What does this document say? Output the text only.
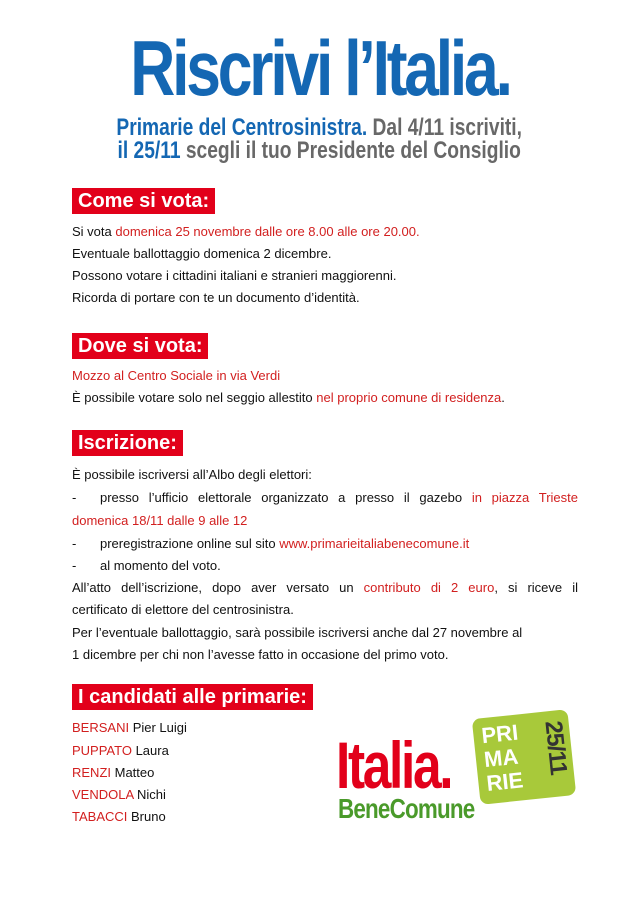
Riscrivi l’Italia.
Primarie del Centrosinistra. Dal 4/11 iscriviti,
il 25/11 scegli il tuo Presidente del Consiglio
Come si vota:
Si vota domenica 25 novembre dalle ore 8.00 alle ore 20.00.
Eventuale ballottaggio domenica 2 dicembre.
Possono votare i cittadini italiani e stranieri maggiorenni.
Ricorda di portare con te un documento d’identità.
Dove si vota:
Mozzo al Centro Sociale in via Verdi
È possibile votare solo nel seggio allestito nel proprio comune di residenza.
Iscrizione:
È possibile iscriversi all’Albo degli elettori:
- presso l’ufficio elettorale organizzato a presso il gazebo in piazza Trieste
domenica 18/11 dalle 9 alle 12
- preregistrazione online sul sito www.primarieitaliabenecomune.it
- al momento del voto.
All’atto dell’iscrizione, dopo aver versato un contributo di 2 euro, si riceve il
certificato di elettore del centrosinistra.
Per l’eventuale ballottaggio, sarà possibile iscriversi anche dal 27 novembre al
1 dicembre per chi non l’avesse fatto in occasione del primo voto.
I candidati alle primarie:
BERSANI Pier Luigi
PUPPATO Laura
RENZI Matteo
VENDOLA Nichi
TABACCI Bruno
PRI
MA
RIE
25/11
Italia.
BeneComune
